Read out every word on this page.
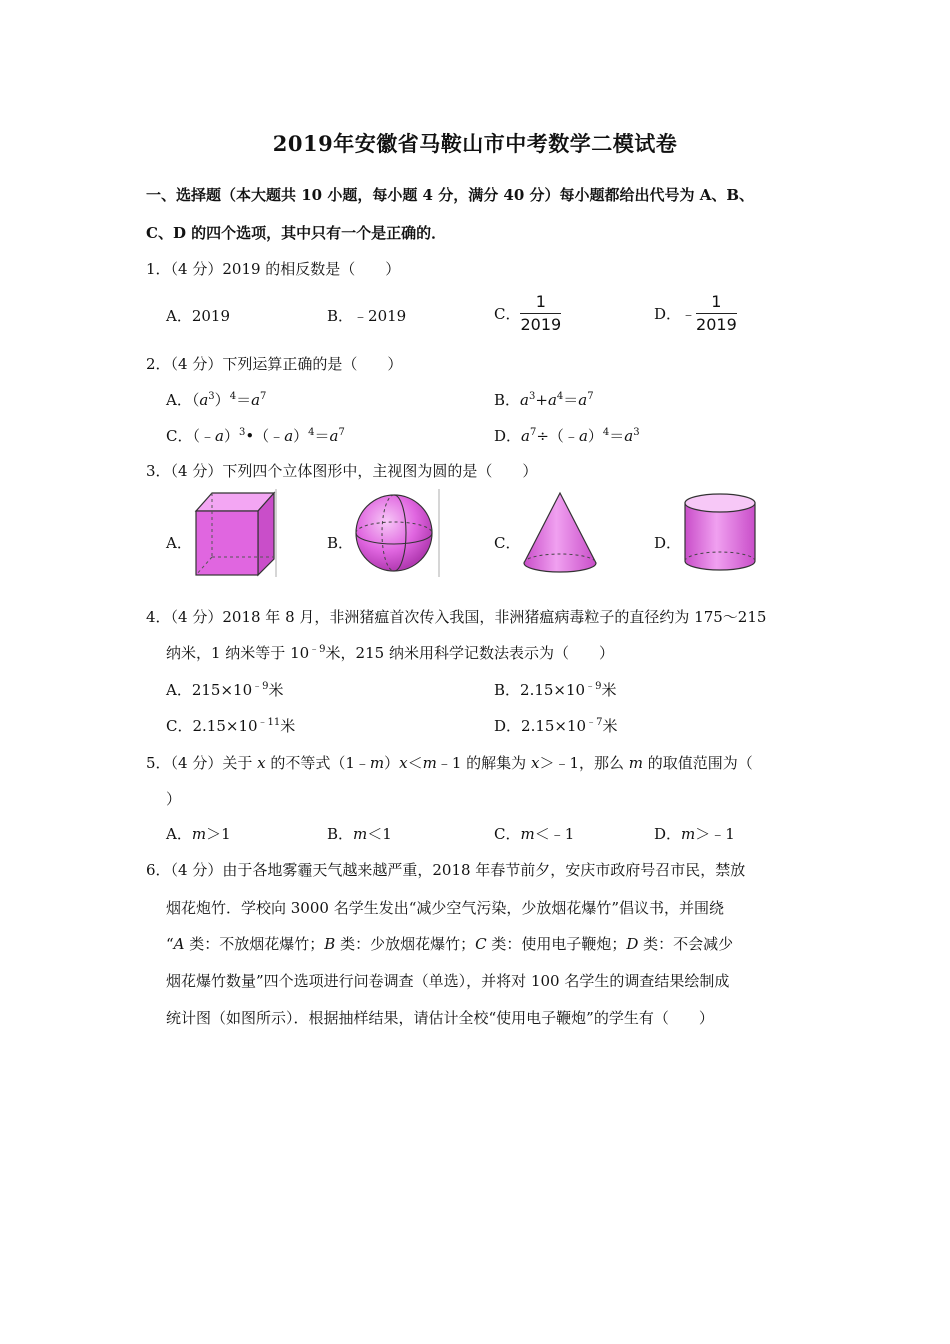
2019年安徽省马鞍山市中考数学二模试卷
一、选择题（本大题共 10 小题，每小题 4 分，满分 40 分）每小题都给出代号为 A、B、
C、D 的四个选项，其中只有一个是正确的．
1．（4 分）2019 的相反数是（　　）
A．2019	B．﹣2019	C． $\frac{1}{2019}$	D．﹣ $\frac{1}{2019}$
2．（4 分）下列运算正确的是（　　）
A．$(a^3)^4=a^7$	B．$a^3+a^4=a^7$
C．$(﹣a)^3•(﹣a)^4=a^7$	D．$a^7\div(﹣a)^4=a^3$
3．（4 分）下列四个立体图形中，主视图为圆的是（　　）
A．	B．	C．	D．
4．（4 分）2018 年 8 月，非洲猪瘟首次传入我国，非洲猪瘟病毒粒子的直径约为 175～215
纳米，1 纳米等于 $10^{﹣9}$米，215 纳米用科学记数法表示为（　　）
A．$215\times 10^{﹣9}$米	B．$2.15\times 10^{﹣9}$米
C．$2.15\times 10^{﹣11}$米	D．$2.15\times 10^{﹣7}$米
5．（4 分）关于 x 的不等式（1﹣m）x＜m﹣1 的解集为 x＞﹣1，那么 m 的取值范围为（
）
A．m＞1	B．m＜1	C．m＜﹣1	D．m＞﹣1
6．（4 分）由于各地雾霾天气越来越严重，2018 年春节前夕，安庆市政府号召市民，禁放
烟花炮竹．学校向 3000 名学生发出“减少空气污染，少放烟花爆竹”倡议书，并围绕
“A 类：不放烟花爆竹；B 类：少放烟花爆竹；C 类：使用电子鞭炮；D 类：不会减少
烟花爆竹数量”四个选项进行问卷调查（单选），并将对 100 名学生的调查结果绘制成
统计图（如图所示）．根据抽样结果，请估计全校“使用电子鞭炮”的学生有（　　）
